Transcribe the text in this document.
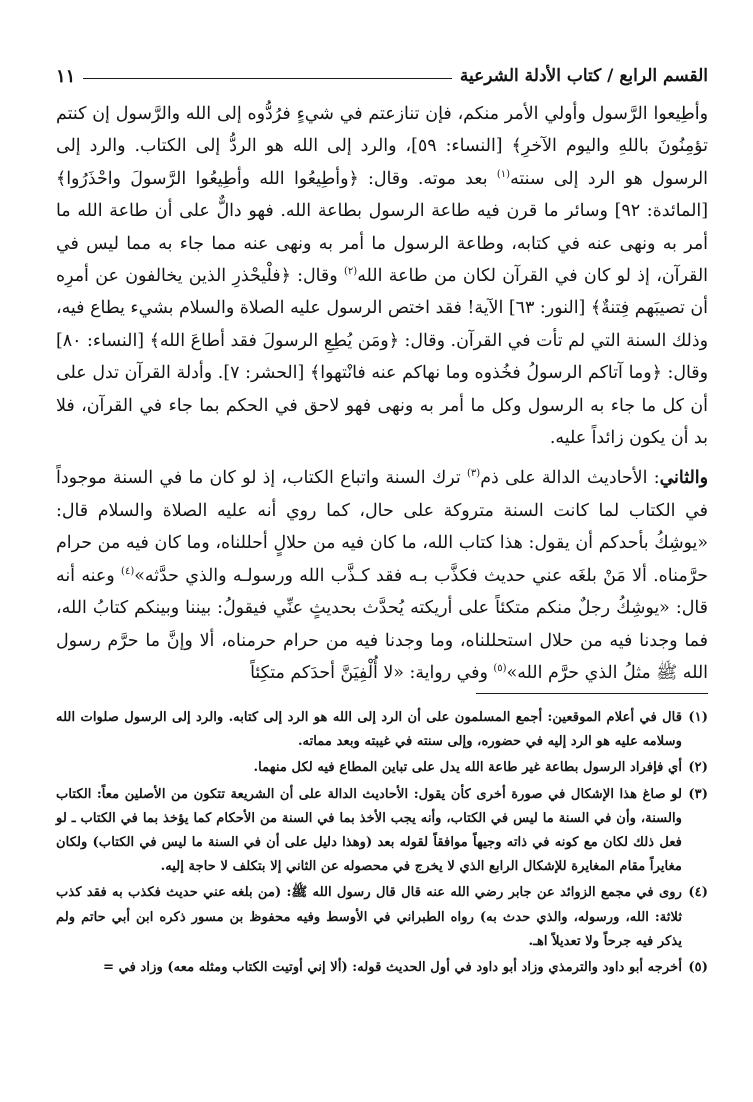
القسم الرابع / كتاب الأدلة الشرعية
١١

وأطِيعوا الرَّسول وأولي الأمر منكم، فإن تنازعتم في شيءٍ فرُدُّوه إلى الله والرَّسول إن كنتم تؤمِنُونَ باللهِ واليوم الآخرِ﴾ [النساء: ٥٩]، والرد إلى الله هو الردُّ إلى الكتاب. والرد إلى الرسول هو الرد إلى سنته$^{(١)}$ بعد موته. وقال: ﴿وأطِيعُوا الله وأطِيعُوا الرَّسولَ واحْذَرُوا﴾ [المائدة: ٩٢] وسائر ما قرن فيه طاعة الرسول بطاعة الله. فهو دالٌّ على أن طاعة الله ما أمر به ونهى عنه في كتابه، وطاعة الرسول ما أمر به ونهى عنه مما جاء به مما ليس في القرآن، إذ لو كان في القرآن لكان من طاعة الله$^{(٢)}$ وقال: ﴿فلْيحْذرِ الذين يخالفون عن أمرِه أن تصيبَهم فِتنةٌ﴾ [النور: ٦٣] الآية! فقد اختص الرسول عليه الصلاة والسلام بشيء يطاع فيه، وذلك السنة التي لم تأت في القرآن. وقال: ﴿ومَن يُطِعِ الرسولَ فقد أطاعَ الله﴾ [النساء: ٨٠] وقال: ﴿وما آتاكم الرسولُ فخُذوه وما نهاكم عنه فانْتهوا﴾ [الحشر: ٧]. وأدلة القرآن تدل على أن كل ما جاء به الرسول وكل ما أمر به ونهى فهو لاحق في الحكم بما جاء في القرآن، فلا بد أن يكون زائداً عليه.

والثاني: الأحاديث الدالة على ذم$^{(٣)}$ ترك السنة واتباع الكتاب، إذ لو كان ما في السنة موجوداً في الكتاب لما كانت السنة متروكة على حال، كما روي أنه عليه الصلاة والسلام قال: «يوشِكُ بأحدكم أن يقول: هذا كتاب الله، ما كان فيه من حلالٍ أحللناه، وما كان فيه من حرام حرَّمناه. ألا مَنْ بلغَه عني حديث فكذَّب بـه فقد كـذَّب الله ورسولـه والذي حدَّثه»$^{(٤)}$ وعنه أنه قال: «يوشِكُ رجلٌ منكم متكئاً على أريكته يُحدَّث بحديثٍ عنِّي فيقولُ: بيننا وبينكم كتابُ الله، فما وجدنا فيه من حلال استحللناه، وما وجدنا فيه من حرام حرمناه، ألا وإنَّ ما حرَّم رسول الله ﷺ مثلُ الذي حرَّم الله»$^{(٥)}$ وفي رواية: «لا أُلْفِيَنَّ أحدَكم متكِئاً

(١)
قال في أعلام الموقعين: أجمع المسلمون على أن الرد إلى الله هو الرد إلى كتابه. والرد إلى الرسول صلوات الله وسلامه عليه هو الرد إليه في حضوره، وإلى سنته في غيبته وبعد مماته.
(٢)
أي فإفراد الرسول بطاعة غير طاعة الله يدل على تباين المطاع فيه لكل منهما.
(٣)
لو صاغ هذا الإشكال في صورة أخرى كأن يقول: الأحاديث الدالة على أن الشريعة تتكون من الأصلين معاً: الكتاب والسنة، وأن في السنة ما ليس في الكتاب، وأنه يجب الأخذ بما في السنة من الأحكام كما يؤخذ بما في الكتاب ـ لو فعل ذلك لكان مع كونه في ذاته وجيهاً موافقاً لقوله بعد (وهذا دليل على أن في السنة ما ليس في الكتاب) ولكان مغايراً مقام المغايرة للإشكال الرابع الذي لا يخرج في محصوله عن الثاني إلا بتكلف لا حاجة إليه.
(٤)
روى في مجمع الزوائد عن جابر رضي الله عنه قال قال رسول الله ﷺ: (من بلغه عني حديث فكذب به فقد كذب ثلاثة: الله، ورسوله، والذي حدث به) رواه الطبراني في الأوسط وفيه محفوظ بن مسور ذكره ابن أبي حاتم ولم يذكر فيه جرحاً ولا تعديلاً اهـ.
(٥)
أخرجه أبو داود والترمذي وزاد أبو داود في أول الحديث قوله: (ألا إني أوتيت الكتاب ومثله معه) وزاد في =
